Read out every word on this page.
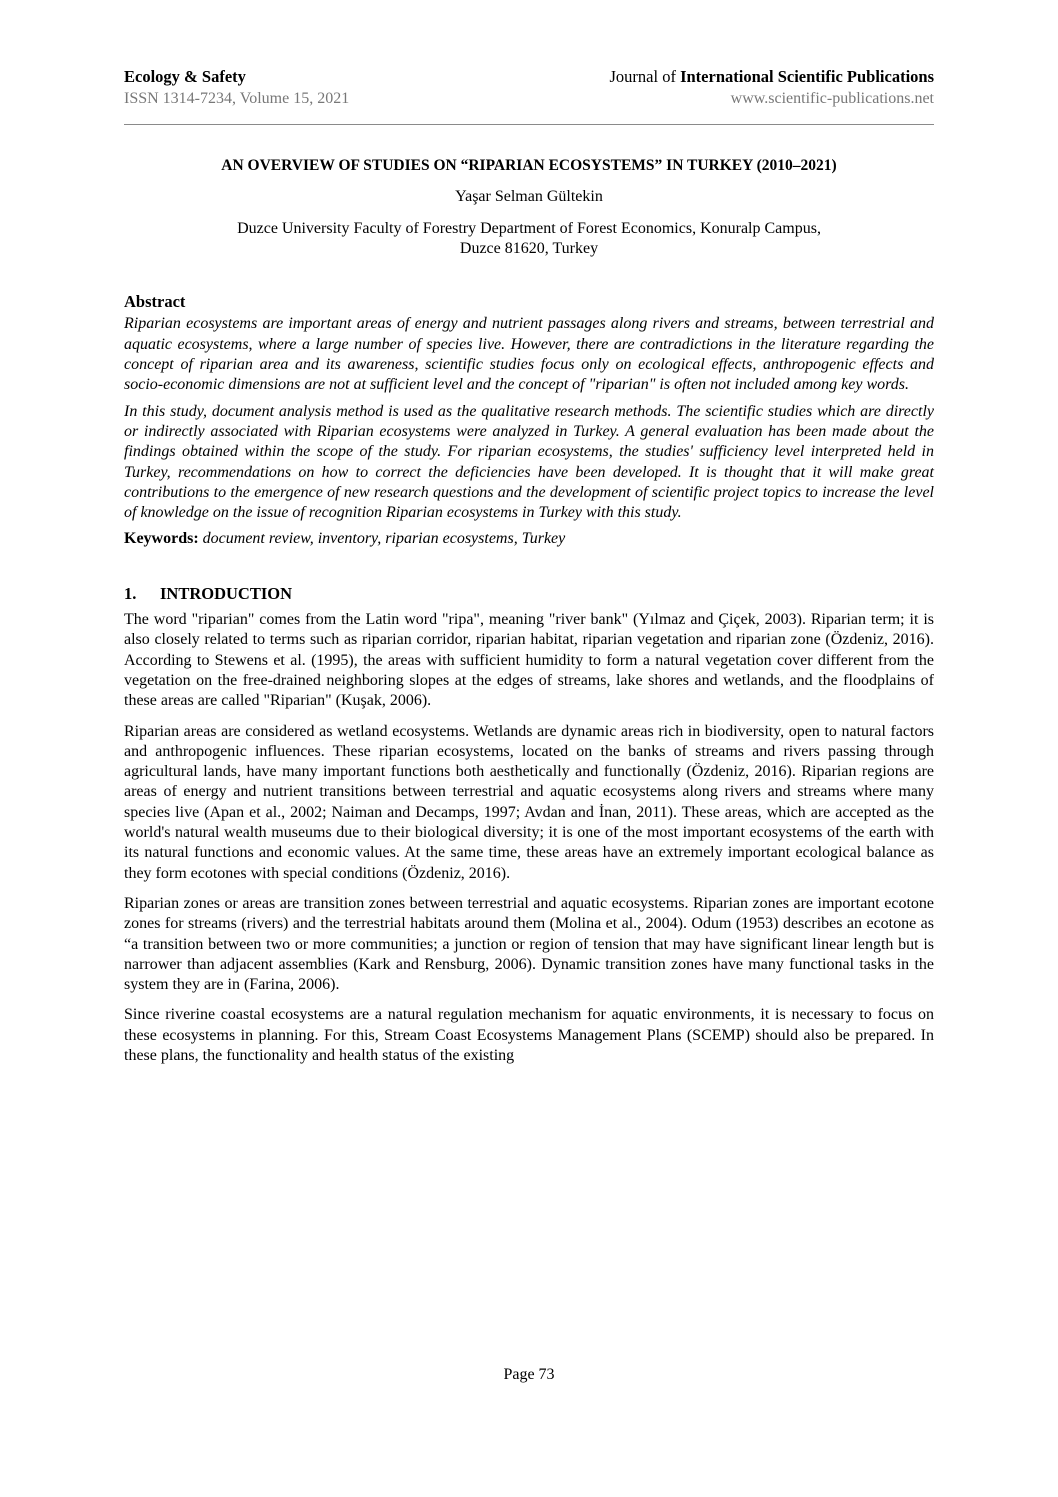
Ecology & Safety
ISSN 1314-7234, Volume 15, 2021
Journal of International Scientific Publications
www.scientific-publications.net
AN OVERVIEW OF STUDIES ON “RIPARIAN ECOSYSTEMS” IN TURKEY (2010–2021)
Yaşar Selman Gültekin
Duzce University Faculty of Forestry Department of Forest Economics, Konuralp Campus,
Duzce 81620, Turkey
Abstract

Riparian ecosystems are important areas of energy and nutrient passages along rivers and streams, between terrestrial and aquatic ecosystems, where a large number of species live. However, there are contradictions in the literature regarding the concept of riparian area and its awareness, scientific studies focus only on ecological effects, anthropogenic effects and socio-economic dimensions are not at sufficient level and the concept of "riparian" is often not included among key words.

In this study, document analysis method is used as the qualitative research methods. The scientific studies which are directly or indirectly associated with Riparian ecosystems were analyzed in Turkey. A general evaluation has been made about the findings obtained within the scope of the study. For riparian ecosystems, the studies' sufficiency level interpreted held in Turkey, recommendations on how to correct the deficiencies have been developed. It is thought that it will make great contributions to the emergence of new research questions and the development of scientific project topics to increase the level of knowledge on the issue of recognition Riparian ecosystems in Turkey with this study.

Keywords: document review, inventory, riparian ecosystems, Turkey
1. INTRODUCTION

The word "riparian" comes from the Latin word "ripa", meaning "river bank" (Yılmaz and Çiçek, 2003). Riparian term; it is also closely related to terms such as riparian corridor, riparian habitat, riparian vegetation and riparian zone (Özdeniz, 2016). According to Stewens et al. (1995), the areas with sufficient humidity to form a natural vegetation cover different from the vegetation on the free-drained neighboring slopes at the edges of streams, lake shores and wetlands, and the floodplains of these areas are called "Riparian" (Kuşak, 2006).

Riparian areas are considered as wetland ecosystems. Wetlands are dynamic areas rich in biodiversity, open to natural factors and anthropogenic influences. These riparian ecosystems, located on the banks of streams and rivers passing through agricultural lands, have many important functions both aesthetically and functionally (Özdeniz, 2016). Riparian regions are areas of energy and nutrient transitions between terrestrial and aquatic ecosystems along rivers and streams where many species live (Apan et al., 2002; Naiman and Decamps, 1997; Avdan and İnan, 2011). These areas, which are accepted as the world's natural wealth museums due to their biological diversity; it is one of the most important ecosystems of the earth with its natural functions and economic values. At the same time, these areas have an extremely important ecological balance as they form ecotones with special conditions (Özdeniz, 2016).

Riparian zones or areas are transition zones between terrestrial and aquatic ecosystems. Riparian zones are important ecotone zones for streams (rivers) and the terrestrial habitats around them (Molina et al., 2004). Odum (1953) describes an ecotone as “a transition between two or more communities; a junction or region of tension that may have significant linear length but is narrower than adjacent assemblies (Kark and Rensburg, 2006). Dynamic transition zones have many functional tasks in the system they are in (Farina, 2006).

Since riverine coastal ecosystems are a natural regulation mechanism for aquatic environments, it is necessary to focus on these ecosystems in planning. For this, Stream Coast Ecosystems Management Plans (SCEMP) should also be prepared. In these plans, the functionality and health status of the existing

Page 73
